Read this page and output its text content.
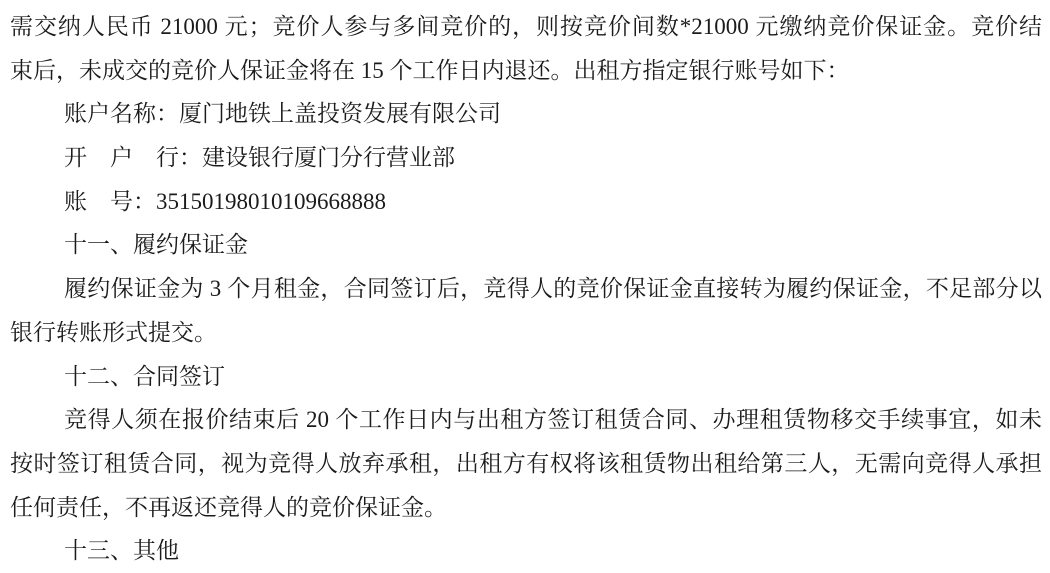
需交纳人民币 21000 元；竞价人参与多间竞价的，则按竞价间数*21000 元缴纳竞价保证金。竞价结
束后，未成交的竞价人保证金将在 15 个工作日内退还。出租方指定银行账号如下：
账户名称：厦门地铁上盖投资发展有限公司
开　户　行：建设银行厦门分行营业部
账　号：35150198010109668888
十一、履约保证金
履约保证金为 3 个月租金，合同签订后，竞得人的竞价保证金直接转为履约保证金，不足部分以
银行转账形式提交。
十二、合同签订
竞得人须在报价结束后 20 个工作日内与出租方签订租赁合同、办理租赁物移交手续事宜，如未
按时签订租赁合同，视为竞得人放弃承租，出租方有权将该租赁物出租给第三人，无需向竞得人承担
任何责任，不再返还竞得人的竞价保证金。
十三、其他
